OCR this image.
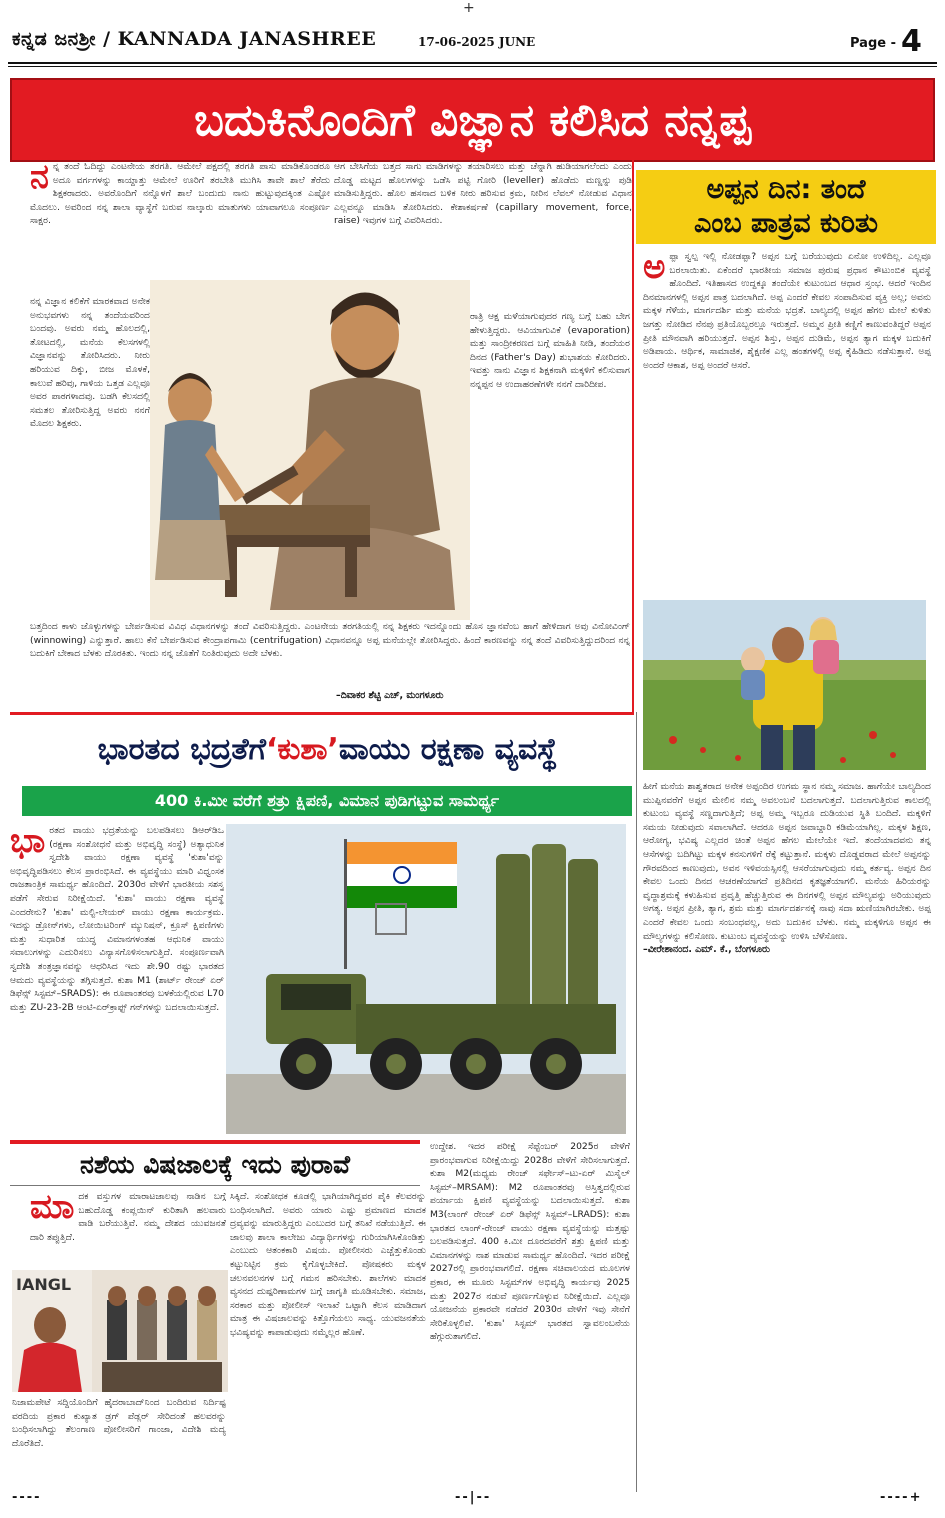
+
ಕನ್ನಡ ಜನಶ್ರೀ / KANNADA JANASHREE	17-06-2025 JUNE	Page - 4
ಬದುಕಿನೊಂದಿಗೆ ವಿಜ್ಞಾನ ಕಲಿಸಿದ ನನ್ನಪ್ಪ
ನ ನ್ನ ತಂದೆ ಓದಿದ್ದು ಎಂಟನೇಯ ತರಗತಿ. ಆಮೇಲೆ ಪಕ್ಷದಲ್ಲಿ ತರಗತಿ ಪಾಸು ಮಾಡಿಕೊಂಡರೂ ಅದೂ ವರ್ಗಗಳನ್ನು ಕಾಯ್ದಾತ್ತು ಆಮೇಲೆ ಊರಿಗೆ ತರಬೇತಿ ಮುಗಿಸಿ ತಾವೇ ಶಾಲೆ ತೆರೆದು ಶಿಕ್ಷಕರಾದರು. ಅವರೊಂದಿಗೆ ನನ್ನೊಳಗೆ ಶಾಲೆ ಬಂದುದು ನಾನು ಹುಟ್ಟುವುದಕ್ಕಿಂತ ಎಷ್ಟೋ ಮೊದಲು. ಅವರಿಂದ ನನ್ನ ಶಾಲಾ ವ್ಯಾಸ್ಥೆಗೆ ಬರುವ ನಾಲ್ಕಾರು ಮಾತುಗಳು ಯಾವಾಗಲೂ ಸಂಪೂರ್ಣ ಸಾಕ್ಷರ.
ಆಗ ಬೇಸಿಗೆಯ ಬತ್ತದ ಸಾಗು ಮಾಡಿಗಳನ್ನು ತಯಾರಿಸಲು ಮತ್ತು ಚೆನ್ನಾಗಿ ಹುಡಿಯಾಗಲೆಂದು ಎಂದು ದೊಡ್ಡ ಮಟ್ಟದ ಹೊಲಗಳನ್ನು ಒಡೆಸಿ ಪಟ್ಟಿ ಗೋರಿ (leveller) ಹೊಡೆದು ಮಣ್ಣನ್ನು ಪುಡಿ ಮಾಡಿಸುತ್ತಿದ್ದರು. ಹೊಲ ಹಸನಾದ ಬಳಿಕ ನೀರು ಹರಿಸುವ ಕ್ರಮ, ನೀರಿನ ಲೆವಲ್ ನೋಡುವ ವಿಧಾನ ಎಲ್ಲವನ್ನೂ ಮಾಡಿಸಿ ತೋರಿಸಿದರು. ಕೇಶಾಕರ್ಷಣೆ (capillary movement, force, raise) ಇವುಗಳ ಬಗ್ಗೆ ವಿವರಿಸಿದರು.
ನನ್ನ ವಿಜ್ಞಾನ ಕಲಿಕೆಗೆ ಮಾರಕವಾದ ಅನೇಕ ಅನುಭವಗಳು ನನ್ನ ತಂದೆಯವರಿಂದ ಬಂದವು. ಅವರು ನಮ್ಮ ಹೊಲದಲ್ಲಿ, ತೋಟದಲ್ಲಿ, ಮನೆಯ ಕೆಲಸಗಳಲ್ಲಿ ವಿಜ್ಞಾನವನ್ನು ತೋರಿಸಿದರು. ನೀರು ಹರಿಯುವ ದಿಕ್ಕು, ಬೀಜ ಮೊಳಕೆ, ಕಾಲುವೆ ಹರಿವು, ಗಾಳಿಯ ಒತ್ತಡ ಎಲ್ಲವೂ ಅವರ ಪಾಠಗಳಾದವು. ಬಡಗಿ ಕೆಲಸದಲ್ಲಿ ಸಮತಲ ತೋರಿಸುತ್ತಿದ್ದ ಅವರು ನನಗೆ ಮೊದಲ ಶಿಕ್ಷಕರು.
ರಾತ್ರಿ ಆಕ್ಷ ಮಳೆಯಾಗುವುದರ ಗಣ್ಯ ಬಗ್ಗೆ ಬಹು ಬೇಗ ಹೇಳುತ್ತಿದ್ದರು. ಆವಿಯಾಗುವಿಕೆ (evaporation) ಮತ್ತು ಸಾಂದ್ರೀಕರಣದ ಬಗ್ಗೆ ಮಾಹಿತಿ ನೀಡಿ, ತಂದೆಯರ ದಿನದ (Father's Day) ಶುಭಾಶಯ ಕೋರಿದರು. ಇವತ್ತು ನಾನು ವಿಜ್ಞಾನ ಶಿಕ್ಷಕನಾಗಿ ಮಕ್ಕಳಿಗೆ ಕಲಿಸುವಾಗ ನನ್ನಪ್ಪನ ಆ ಉದಾಹರಣೆಗಳೇ ನನಗೆ ದಾರಿದೀಪ.
ಬತ್ತದಿಂದ ಕಾಳು ಜೊಳ್ಳುಗಳನ್ನು ಬೇರ್ಪಡಿಸುವ ವಿವಿಧ ವಿಧಾನಗಳನ್ನು ತಂದೆ ವಿವರಿಸುತ್ತಿದ್ದರು. ಎಂಟನೇಯ ತರಗತಿಯಲ್ಲಿ ನನ್ನ ಶಿಕ್ಷಕರು ಇದನ್ನೊಂದು ಹೊಸ ಜ್ಞಾನವೆಂಬ ಹಾಗೆ ಹೇಳಿದಾಗ ಅವು ವಿನೋವಿಂಗ್ (winnowing) ಎನ್ನುತ್ತಾರೆ. ಹಾಲು ಕೆನೆ ಬೇರ್ಪಡಿಸುವ ಕೇಂದ್ರಾಪಗಾಮಿ (centrifugation) ವಿಧಾನವನ್ನೂ ಅಪ್ಪ ಮನೆಯಲ್ಲೇ ತೋರಿಸಿದ್ದರು. ಹಿಂದೆ ಕಾರಣವನ್ನು ನನ್ನ ತಂದೆ ವಿವರಿಸುತ್ತಿದ್ದುದರಿಂದ ನನ್ನ ಬದುಕಿಗೆ ಬೇಕಾದ ಬೆಳಕು ದೊರಕಿತು. ಇಂದು ನನ್ನ ಜೊತೆಗೆ ನಿಂತಿರುವುದು ಅದೇ ಬೆಳಕು.
–ದಿವಾಕರ ಶೆಟ್ಟಿ ಎಚ್, ಮಂಗಳೂರು
ಅಪ್ಪನ ದಿನ: ತಂದೆ
ಎಂಬ ಪಾತ್ರವ ಕುರಿತು
ಅ ಪ್ಪಾ ಸ್ವಲ್ಪ ಇಲ್ಲಿ ನೋಡಪ್ಪಾ? ಅಪ್ಪನ ಬಗ್ಗೆ ಬರೆಯುವುದು ಏನೋ ಉಳಿದಿಲ್ಲ. ಎಲ್ಲವೂ ಬರಲಾಯಿತು. ಏಕೆಂದರೆ ಭಾರತೀಯ ಸಮಾಜ ಪುರುಷ ಪ್ರಧಾನ ಕೌಟುಂಬಿಕ ವ್ಯವಸ್ಥೆ ಹೊಂದಿದೆ. ಇತಿಹಾಸದ ಉದ್ದಕ್ಕೂ ತಂದೆಯೇ ಕುಟುಂಬದ ಆಧಾರ ಸ್ತಂಭ. ಆದರೆ ಇಂದಿನ ದಿನಮಾನಗಳಲ್ಲಿ ಅಪ್ಪನ ಪಾತ್ರ ಬದಲಾಗಿದೆ. ಅಪ್ಪ ಎಂದರೆ ಕೇವಲ ಸಂಪಾದಿಸುವ ವ್ಯಕ್ತಿ ಅಲ್ಲ; ಅವನು ಮಕ್ಕಳ ಗೆಳೆಯ, ಮಾರ್ಗದರ್ಶಿ ಮತ್ತು ಮನೆಯ ಭದ್ರತೆ. ಬಾಲ್ಯದಲ್ಲಿ ಅಪ್ಪನ ಹೆಗಲ ಮೇಲೆ ಕುಳಿತು ಜಗತ್ತು ನೋಡಿದ ನೆನಪು ಪ್ರತಿಯೊಬ್ಬರಲ್ಲೂ ಇರುತ್ತದೆ. ಅಮ್ಮನ ಪ್ರೀತಿ ಕಣ್ಣಿಗೆ ಕಾಣುವಂತಿದ್ದರೆ ಅಪ್ಪನ ಪ್ರೀತಿ ಮೌನವಾಗಿ ಹರಿಯುತ್ತದೆ. ಅಪ್ಪನ ಶಿಸ್ತು, ಅಪ್ಪನ ದುಡಿಮೆ, ಅಪ್ಪನ ತ್ಯಾಗ ಮಕ್ಕಳ ಬದುಕಿಗೆ ಅಡಿಪಾಯ. ಆರ್ಥಿಕ, ಸಾಮಾಜಿಕ, ಶೈಕ್ಷಣಿಕ ಎಲ್ಲ ಹಂತಗಳಲ್ಲಿ ಅಪ್ಪ ಕೈಹಿಡಿದು ನಡೆಸುತ್ತಾನೆ. ಅಪ್ಪ ಅಂದರೆ ಆಕಾಶ, ಅಪ್ಪ ಅಂದರೆ ಆಸರೆ.
ಹೀಗೆ ಮನೆಯ ಶಾಶ್ವತರಾದ ಅನೇಕ ಅಪ್ಪಂದಿರ ಉಗಮ ಸ್ಥಾನ ನಮ್ಮ ಸಮಾಜ. ಹಾಗೆಯೇ ಬಾಲ್ಯದಿಂದ ಮುಪ್ಪಿನವರೆಗೆ ಅಪ್ಪನ ಮೇಲಿನ ನಮ್ಮ ಅವಲಂಬನೆ ಬದಲಾಗುತ್ತದೆ. ಬದಲಾಗುತ್ತಿರುವ ಕಾಲದಲ್ಲಿ ಕುಟುಂಬ ವ್ಯವಸ್ಥೆ ಸಣ್ಣದಾಗುತ್ತಿದೆ; ಅಪ್ಪ ಅಮ್ಮ ಇಬ್ಬರೂ ದುಡಿಯುವ ಸ್ಥಿತಿ ಬಂದಿದೆ. ಮಕ್ಕಳಿಗೆ ಸಮಯ ನೀಡುವುದು ಸವಾಲಾಗಿದೆ. ಆದರೂ ಅಪ್ಪನ ಜವಾಬ್ದಾರಿ ಕಡಿಮೆಯಾಗಿಲ್ಲ. ಮಕ್ಕಳ ಶಿಕ್ಷಣ, ಆರೋಗ್ಯ, ಭವಿಷ್ಯ ಎಲ್ಲದರ ಚಿಂತೆ ಅಪ್ಪನ ಹೆಗಲ ಮೇಲೆಯೇ ಇದೆ. ತಂದೆಯಾದವನು ತನ್ನ ಆಸೆಗಳನ್ನು ಬದಿಗಿಟ್ಟು ಮಕ್ಕಳ ಕನಸುಗಳಿಗೆ ರೆಕ್ಕೆ ಕಟ್ಟುತ್ತಾನೆ. ಮಕ್ಕಳು ದೊಡ್ಡವರಾದ ಮೇಲೆ ಅಪ್ಪನನ್ನು ಗೌರವದಿಂದ ಕಾಣುವುದು, ಅವನ ಇಳಿವಯಸ್ಸಿನಲ್ಲಿ ಆಸರೆಯಾಗುವುದು ನಮ್ಮ ಕರ್ತವ್ಯ. ಅಪ್ಪನ ದಿನ ಕೇವಲ ಒಂದು ದಿನದ ಆಚರಣೆಯಾಗದೆ ಪ್ರತಿದಿನದ ಕೃತಜ್ಞತೆಯಾಗಲಿ. ಮನೆಯ ಹಿರಿಯರನ್ನು ವೃದ್ಧಾಶ್ರಮಕ್ಕೆ ಕಳುಹಿಸುವ ಪ್ರವೃತ್ತಿ ಹೆಚ್ಚುತ್ತಿರುವ ಈ ದಿನಗಳಲ್ಲಿ ಅಪ್ಪನ ಮೌಲ್ಯವನ್ನು ಅರಿಯುವುದು ಅಗತ್ಯ. ಅಪ್ಪನ ಪ್ರೀತಿ, ತ್ಯಾಗ, ಶ್ರಮ ಮತ್ತು ಮಾರ್ಗದರ್ಶನಕ್ಕೆ ನಾವು ಸದಾ ಋಣಿಯಾಗಿರಬೇಕು. ಅಪ್ಪ ಎಂದರೆ ಕೇವಲ ಒಂದು ಸಂಬಂಧವಲ್ಲ, ಅದು ಬದುಕಿನ ಬೆಳಕು. ನಮ್ಮ ಮಕ್ಕಳಿಗೂ ಅಪ್ಪನ ಈ ಮೌಲ್ಯಗಳನ್ನು ಕಲಿಸೋಣ. ಕುಟುಂಬ ವ್ಯವಸ್ಥೆಯನ್ನು ಉಳಿಸಿ ಬೆಳೆಸೋಣ.
–ವೀರೇಶಾನಂದ. ಎಮ್. ಕೆ., ಬೆಂಗಳೂರು
ಭಾರತದ ಭದ್ರತೆಗೆ ‘ಕುಶಾ’ ವಾಯು ರಕ್ಷಣಾ ವ್ಯವಸ್ಥೆ
400 ಕಿ.ಮೀ ವರೆಗೆ ಶತ್ರು ಕ್ಷಿಪಣಿ, ವಿಮಾನ ಪುಡಿಗಟ್ಟುವ ಸಾಮರ್ಥ್ಯ
ಭಾ ರತದ ವಾಯು ಭದ್ರತೆಯನ್ನು ಬಲಪಡಿಸಲು ಡಿಆರ್‌ಡಿಒ (ರಕ್ಷಣಾ ಸಂಶೋಧನೆ ಮತ್ತು ಅಭಿವೃದ್ಧಿ ಸಂಸ್ಥೆ) ಅತ್ಯಾಧುನಿಕ ಸ್ವದೇಶಿ ವಾಯು ರಕ್ಷಣಾ ವ್ಯವಸ್ಥೆ 'ಕುಶಾ'ವನ್ನು ಅಭಿವೃದ್ಧಿಪಡಿಸಲು ಕೆಲಸ ಪ್ರಾರಂಭಿಸಿದೆ. ಈ ವ್ಯವಸ್ಥೆಯು ಮಾರಿ ವಿಧ್ವಂಸಕ ರಾಜತಾಂತ್ರಿಕ ಸಾಮರ್ಥ್ಯ ಹೊಂದಿದೆ. 2030ರ ವೇಳೆಗೆ ಭಾರತೀಯ ಸಶಸ್ತ್ರ ಪಡೆಗೆ ಸೇರುವ ನಿರೀಕ್ಷೆಯಿದೆ. 'ಕುಶಾ' ವಾಯು ರಕ್ಷಣಾ ವ್ಯವಸ್ಥೆ ಎಂದರೇನು? 'ಕುಶಾ' ಮಲ್ಟಿ-ಲೇಯರ್ ವಾಯು ರಕ್ಷಣಾ ಕಾರ್ಯಕ್ರಮ. ಇದನ್ನು ಡ್ರೋನ್‌ಗಳು, ಲೋಯಿಟರಿಂಗ್ ಮ್ಯುನಿಷನ್, ಕ್ರೂಸ್ ಕ್ಷಿಪಣಿಗಳು ಮತ್ತು ಸುಧಾರಿತ ಯುದ್ಧ ವಿಮಾನಗಳಂತಹ ಆಧುನಿಕ ವಾಯು ಸವಾಲುಗಳನ್ನು ಎದುರಿಸಲು ವಿನ್ಯಾಸಗೊಳಿಸಲಾಗುತ್ತಿದೆ. ಸಂಪೂರ್ಣವಾಗಿ ಸ್ವದೇಶಿ ತಂತ್ರಜ್ಞಾನವನ್ನು ಆಧರಿಸಿದ ಇದು ಶೇ.90 ರಷ್ಟು ಭಾರತದ ಆಮದು ವ್ಯವಸ್ಥೆಯನ್ನು ತಗ್ಗಿಸುತ್ತದೆ. ಕುಶಾ M1 (ಶಾರ್ಟ್ ರೇಂಜ್ ಏರ್ ಡಿಫೆನ್ಸ್ ಸಿಸ್ಟಮ್–SRADS): ಈ ರೂಪಾಂತರವು ಬಳಕೆಯಲ್ಲಿರುವ L70 ಮತ್ತು ZU-23-2B ಆಂಟಿ-ಏರ್‌ಕ್ರಾಫ್ಟ್ ಗನ್‌ಗಳನ್ನು ಬದಲಾಯಿಸುತ್ತದೆ.
ಉದ್ದೇಶ. ಇದರ ಪರೀಕ್ಷೆ ಸೆಪ್ಟೆಂಬರ್ 2025ರ ವೇಳೆಗೆ ಪ್ರಾರಂಭವಾಗುವ ನಿರೀಕ್ಷೆಯಿದ್ದು 2028ರ ವೇಳೆಗೆ ಸೇರಿಸಲಾಗುತ್ತದೆ. ಕುಶಾ M2(ಮಧ್ಯಮ ರೇಂಜ್ ಸರ್ಫೇಸ್–ಟು-ಏರ್ ಮಿಸೈಲ್ ಸಿಸ್ಟಮ್–MRSAM): M2 ರೂಪಾಂತರವು ಅಸ್ತಿತ್ವದಲ್ಲಿರುವ ಪರ್ಯಾಯ ಕ್ಷಿಪಣಿ ವ್ಯವಸ್ಥೆಯನ್ನು ಬದಲಾಯಿಸುತ್ತದೆ. ಕುಶಾ M3(ಲಾಂಗ್ ರೇಂಜ್ ಏರ್ ಡಿಫೆನ್ಸ್ ಸಿಸ್ಟಮ್–LRADS): ಕುಶಾ ಭಾರತದ ಲಾಂಗ್-ರೇಂಜ್ ವಾಯು ರಕ್ಷಣಾ ವ್ಯವಸ್ಥೆಯನ್ನು ಮತ್ತಷ್ಟು ಬಲಪಡಿಸುತ್ತದೆ. 400 ಕಿ.ಮೀ ದೂರದವರೆಗೆ ಶತ್ರು ಕ್ಷಿಪಣಿ ಮತ್ತು ವಿಮಾನಗಳನ್ನು ನಾಶ ಮಾಡುವ ಸಾಮರ್ಥ್ಯ ಹೊಂದಿದೆ. ಇದರ ಪರೀಕ್ಷೆ 2027ರಲ್ಲಿ ಪ್ರಾರಂಭವಾಗಲಿದೆ. ರಕ್ಷಣಾ ಸಚಿವಾಲಯದ ಮೂಲಗಳ ಪ್ರಕಾರ, ಈ ಮೂರು ಸಿಸ್ಟಮ್‌ಗಳ ಅಭಿವೃದ್ಧಿ ಕಾರ್ಯವು 2025 ಮತ್ತು 2027ರ ನಡುವೆ ಪೂರ್ಣಗೊಳ್ಳುವ ನಿರೀಕ್ಷೆಯಿದೆ. ಎಲ್ಲವೂ ಯೋಜನೆಯ ಪ್ರಕಾರವೇ ನಡೆದರೆ 2030ರ ವೇಳೆಗೆ ಇವು ಸೇನೆಗೆ ಸೇರಿಕೊಳ್ಳಲಿವೆ. 'ಕುಶಾ' ಸಿಸ್ಟಮ್ ಭಾರತದ ಸ್ವಾವಲಂಬನೆಯ ಹೆಗ್ಗುರುತಾಗಲಿದೆ.
ನಶೆಯ ವಿಷಜಾಲಕ್ಕೆ ಇದು ಪುರಾವೆ
ಮಾ ದಕ ವಸ್ತುಗಳ ಮಾರಾಟಜಾಲವು ನಾಡಿನ ಬಗ್ಗೆ ಬಹುದೊಡ್ಡ ಕಂಪ್ಲಯಿನ್ ಕುರಿತಾಗಿ ಹಲವಾರು ವಾಡಿ ಬರೆಯುತ್ತಿವೆ. ನಮ್ಮ ದೇಶದ ಯುವಜನತೆ ದಾರಿ ತಪ್ಪುತ್ತಿದೆ.
ಸಿಕ್ಕಿದೆ. ಸಂಶೋಧಕ ಕೂಡಲ್ಲಿ ಭಾಗಿಯಾಗಿದ್ದವರ ಪೈಕಿ ಕೆಲವರನ್ನು ಬಂಧಿಸಲಾಗಿದೆ. ಅವರು ಯಾರು ಎಷ್ಟು ಪ್ರಮಾಣದ ಮಾದಕ ದ್ರವ್ಯವನ್ನು ಮಾರುತ್ತಿದ್ದರು ಎಂಬುದರ ಬಗ್ಗೆ ತನಿಖೆ ನಡೆಯುತ್ತಿದೆ. ಈ ಜಾಲವು ಶಾಲಾ ಕಾಲೇಜು ವಿದ್ಯಾರ್ಥಿಗಳನ್ನು ಗುರಿಯಾಗಿಸಿಕೊಂಡಿತ್ತು ಎಂಬುದು ಆತಂಕಕಾರಿ ವಿಷಯ. ಪೋಲೀಸರು ಎಚ್ಚೆತ್ತುಕೊಂಡು ಕಟ್ಟುನಿಟ್ಟಿನ ಕ್ರಮ ಕೈಗೊಳ್ಳಬೇಕಿದೆ. ಪೋಷಕರು ಮಕ್ಕಳ ಚಲನವಲನಗಳ ಬಗ್ಗೆ ಗಮನ ಹರಿಸಬೇಕು. ಶಾಲೆಗಳು ಮಾದಕ ವ್ಯಸನದ ದುಷ್ಪರಿಣಾಮಗಳ ಬಗ್ಗೆ ಜಾಗೃತಿ ಮೂಡಿಸಬೇಕು. ಸಮಾಜ, ಸರಕಾರ ಮತ್ತು ಪೋಲೀಸ್ ಇಲಾಖೆ ಒಟ್ಟಾಗಿ ಕೆಲಸ ಮಾಡಿದಾಗ ಮಾತ್ರ ಈ ವಿಷಜಾಲವನ್ನು ಕಿತ್ತೊಗೆಯಲು ಸಾಧ್ಯ. ಯುವಜನತೆಯ ಭವಿಷ್ಯವನ್ನು ಕಾಪಾಡುವುದು ನಮ್ಮೆಲ್ಲರ ಹೊಣೆ.
IANGL
ನಿಜಾಮಪೇಟೆ ಸದ್ದಿಯೊಂದಿಗೆ ಹೈದರಾಬಾದ್‌ನಿಂದ ಬಂದಿರುವ ನಿರ್ದಿಷ್ಟ ವರದಿಯ ಪ್ರಕಾರ ಕುಖ್ಯಾತ ಡ್ರಗ್ ಪೆಡ್ಲರ್ ಸೇರಿದಂತೆ ಹಲವರನ್ನು ಬಂಧಿಸಲಾಗಿದ್ದು ತೆಲಂಗಾಣ ಪೋಲೀಸರಿಗೆ ಗಾಂಜಾ, ವಿದೇಶಿ ಮದ್ಯ ದೊರೆತಿದೆ.
----	--|--	----+
